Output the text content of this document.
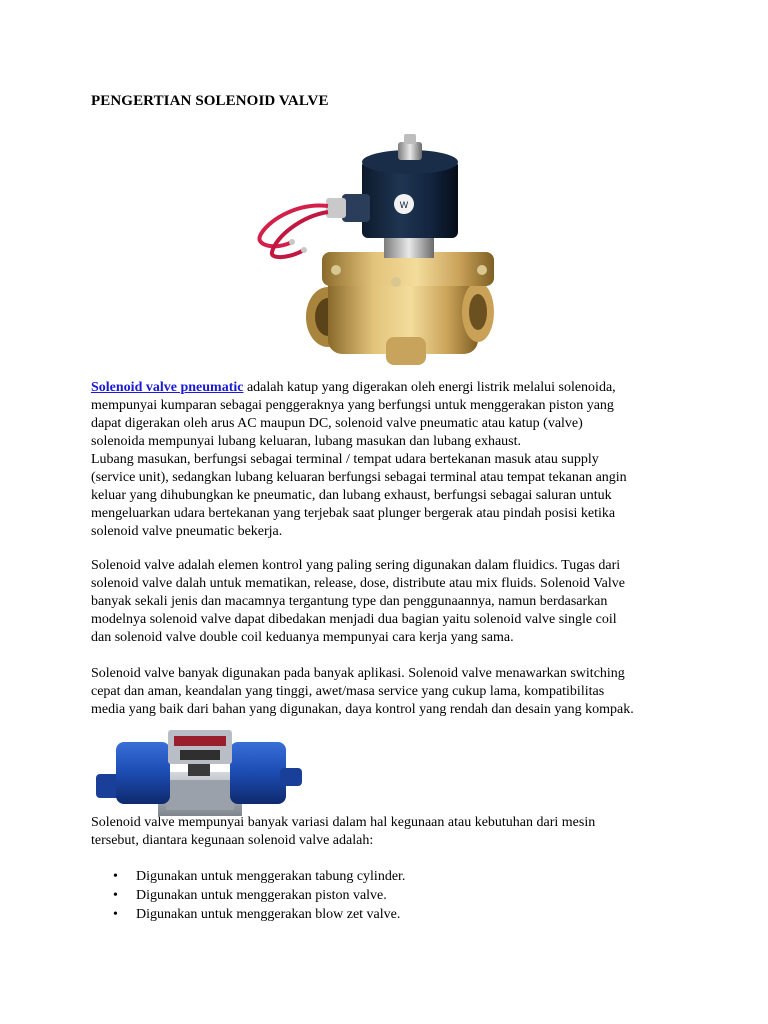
PENGERTIAN SOLENOID VALVE
W

Solenoid valve pneumatic adalah katup yang digerakan oleh energi listrik melalui solenoida,
mempunyai kumparan sebagai penggeraknya yang berfungsi untuk menggerakan piston yang
dapat digerakan oleh arus AC maupun DC, solenoid valve pneumatic atau katup (valve)
solenoida mempunyai lubang keluaran, lubang masukan dan lubang exhaust.
Lubang masukan, berfungsi sebagai terminal / tempat udara bertekanan masuk atau supply
(service unit), sedangkan lubang keluaran berfungsi sebagai terminal atau tempat tekanan angin
keluar yang dihubungkan ke pneumatic, dan lubang exhaust, berfungsi sebagai saluran untuk
mengeluarkan udara bertekanan yang terjebak saat plunger bergerak atau pindah posisi ketika
solenoid valve pneumatic bekerja.

Solenoid valve adalah elemen kontrol yang paling sering digunakan dalam fluidics. Tugas dari
solenoid valve dalah untuk mematikan, release, dose, distribute atau mix fluids. Solenoid Valve
banyak sekali jenis dan macamnya tergantung type dan penggunaannya, namun berdasarkan
modelnya solenoid valve dapat dibedakan menjadi dua bagian yaitu solenoid valve single coil
dan solenoid valve double coil keduanya mempunyai cara kerja yang sama.

Solenoid valve banyak digunakan pada banyak aplikasi. Solenoid valve menawarkan switching
cepat dan aman, keandalan yang tinggi, awet/masa service yang cukup lama, kompatibilitas
media yang baik dari bahan yang digunakan, daya kontrol yang rendah dan desain yang kompak.

Solenoid valve mempunyai banyak variasi dalam hal kegunaan atau kebutuhan dari mesin
tersebut, diantara kegunaan solenoid valve adalah:

• Digunakan untuk menggerakan tabung cylinder.
• Digunakan untuk menggerakan piston valve.
• Digunakan untuk menggerakan blow zet valve.
